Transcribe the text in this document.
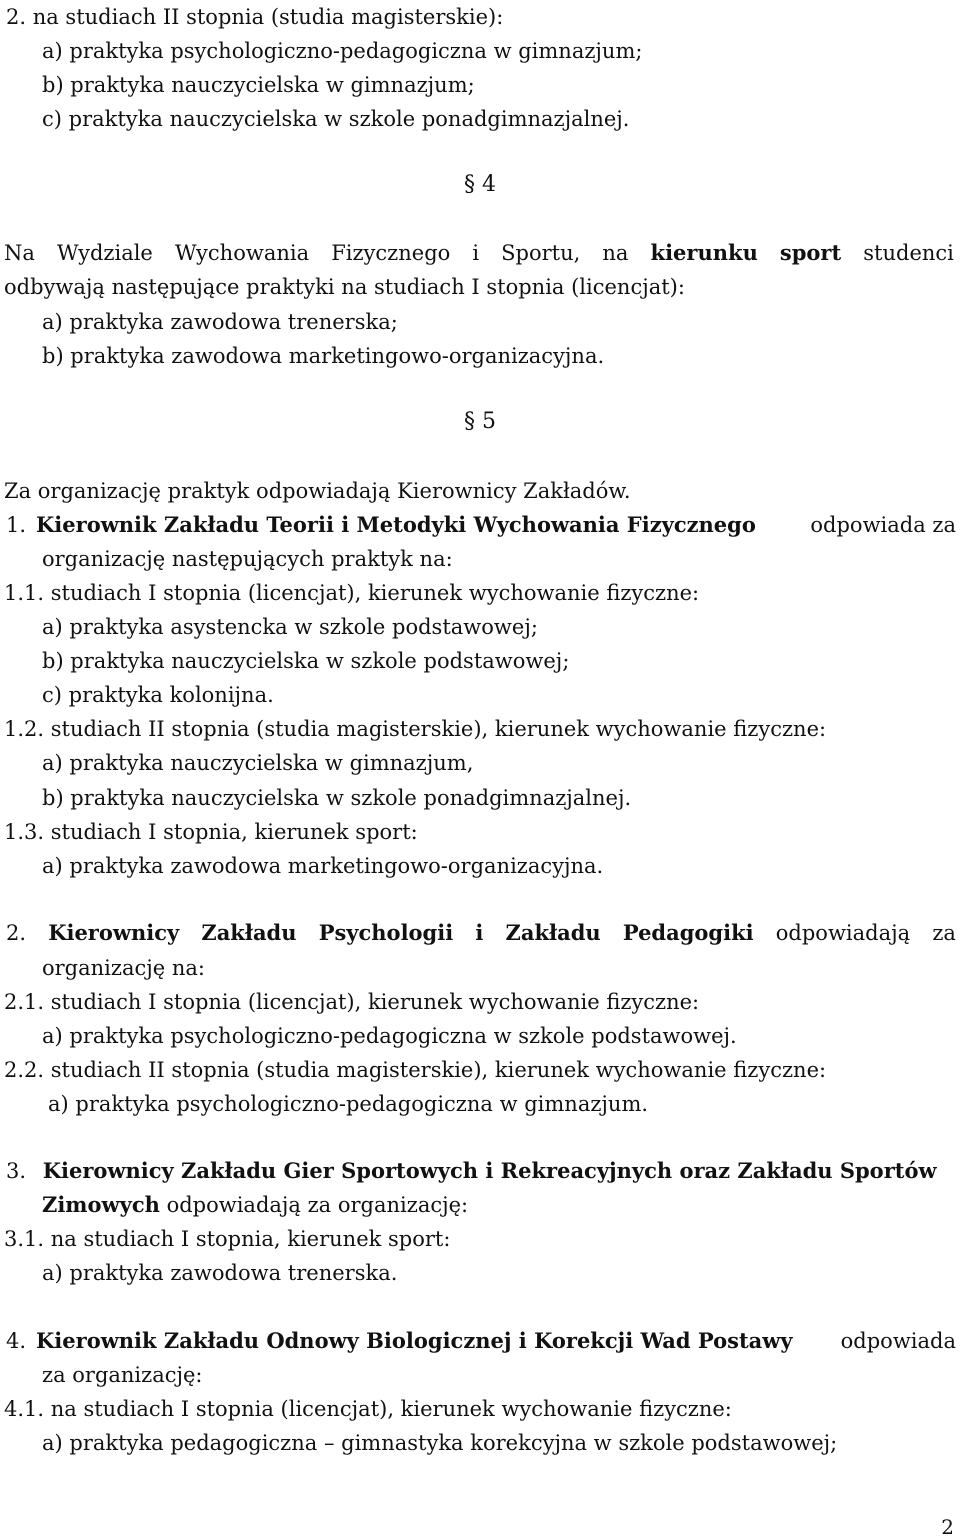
2. na studiach II stopnia (studia magisterskie):
a) praktyka psychologiczno-pedagogiczna w gimnazjum;
b) praktyka nauczycielska w gimnazjum;
c) praktyka nauczycielska w szkole ponadgimnazjalnej.
§ 4
Na Wydziale Wychowania Fizycznego i Sportu, na kierunku sport studenci
odbywają następujące praktyki na studiach I stopnia (licencjat):
a) praktyka zawodowa trenerska;
b) praktyka zawodowa marketingowo-organizacyjna.
§ 5
Za organizację praktyk odpowiadają Kierownicy Zakładów.
1. Kierownik Zakładu Teorii i Metodyki Wychowania Fizycznego	odpowiada za
organizację następujących praktyk na:
1.1. studiach I stopnia (licencjat), kierunek wychowanie fizyczne:
a) praktyka asystencka w szkole podstawowej;
b) praktyka nauczycielska w szkole podstawowej;
c) praktyka kolonijna.
1.2. studiach II stopnia (studia magisterskie), kierunek wychowanie fizyczne:
a) praktyka nauczycielska w gimnazjum,
b) praktyka nauczycielska w szkole ponadgimnazjalnej.
1.3. studiach I stopnia, kierunek sport:
a) praktyka zawodowa marketingowo-organizacyjna.
2. Kierownicy Zakładu Psychologii i Zakładu Pedagogiki odpowiadają za
organizację na:
2.1. studiach I stopnia (licencjat), kierunek wychowanie fizyczne:
a) praktyka psychologiczno-pedagogiczna w szkole podstawowej.
2.2. studiach II stopnia (studia magisterskie), kierunek wychowanie fizyczne:
a) praktyka psychologiczno-pedagogiczna w gimnazjum.
3. Kierownicy Zakładu Gier Sportowych i Rekreacyjnych oraz Zakładu Sportów
Zimowych odpowiadają za organizację:
3.1. na studiach I stopnia, kierunek sport:
a) praktyka zawodowa trenerska.
4. Kierownik Zakładu Odnowy Biologicznej i Korekcji Wad Postawy odpowiada
za organizację:
4.1. na studiach I stopnia (licencjat), kierunek wychowanie fizyczne:
a) praktyka pedagogiczna – gimnastyka korekcyjna w szkole podstawowej;
2
